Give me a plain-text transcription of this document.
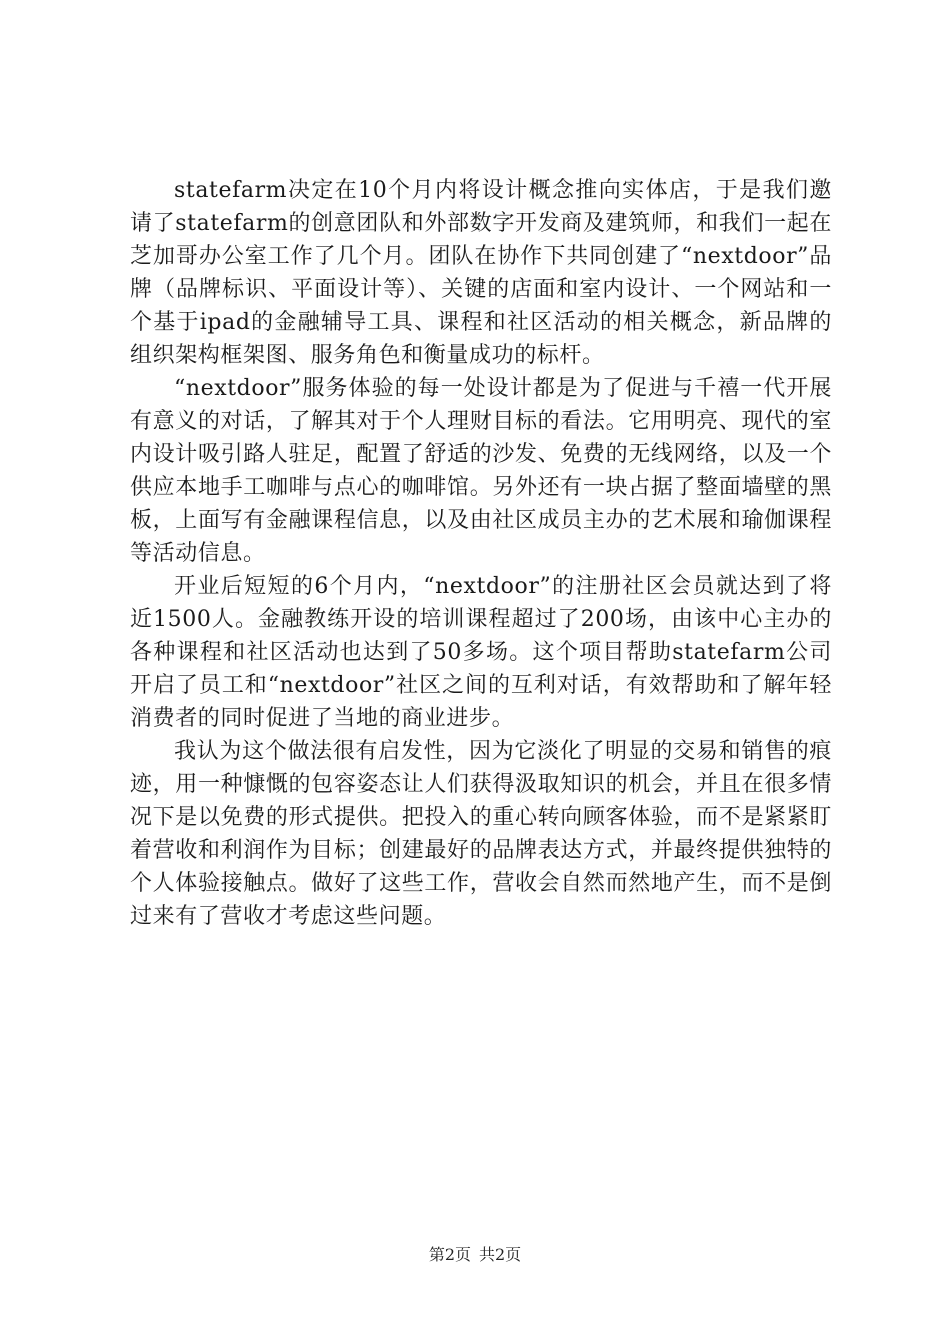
statefarm决定在10个月内将设计概念推向实体店，于是我们邀请了statefarm的创意团队和外部数字开发商及建筑师，和我们一起在芝加哥办公室工作了几个月。团队在协作下共同创建了“nextdoor”品牌（品牌标识、平面设计等）、关键的店面和室内设计、一个网站和一个基于ipad的金融辅导工具、课程和社区活动的相关概念，新品牌的组织架构框架图、服务角色和衡量成功的标杆。

“nextdoor”服务体验的每一处设计都是为了促进与千禧一代开展有意义的对话，了解其对于个人理财目标的看法。它用明亮、现代的室内设计吸引路人驻足，配置了舒适的沙发、免费的无线网络，以及一个供应本地手工咖啡与点心的咖啡馆。另外还有一块占据了整面墙壁的黑板，上面写有金融课程信息，以及由社区成员主办的艺术展和瑜伽课程等活动信息。

开业后短短的6个月内，“nextdoor”的注册社区会员就达到了将近1500人。金融教练开设的培训课程超过了200场，由该中心主办的各种课程和社区活动也达到了50多场。这个项目帮助statefarm公司开启了员工和“nextdoor”社区之间的互利对话，有效帮助和了解年轻消费者的同时促进了当地的商业进步。

我认为这个做法很有启发性，因为它淡化了明显的交易和销售的痕迹，用一种慷慨的包容姿态让人们获得汲取知识的机会，并且在很多情况下是以免费的形式提供。把投入的重心转向顾客体验，而不是紧紧盯着营收和利润作为目标；创建最好的品牌表达方式，并最终提供独特的个人体验接触点。做好了这些工作，营收会自然而然地产生，而不是倒过来有了营收才考虑这些问题。

第2页 共2页
